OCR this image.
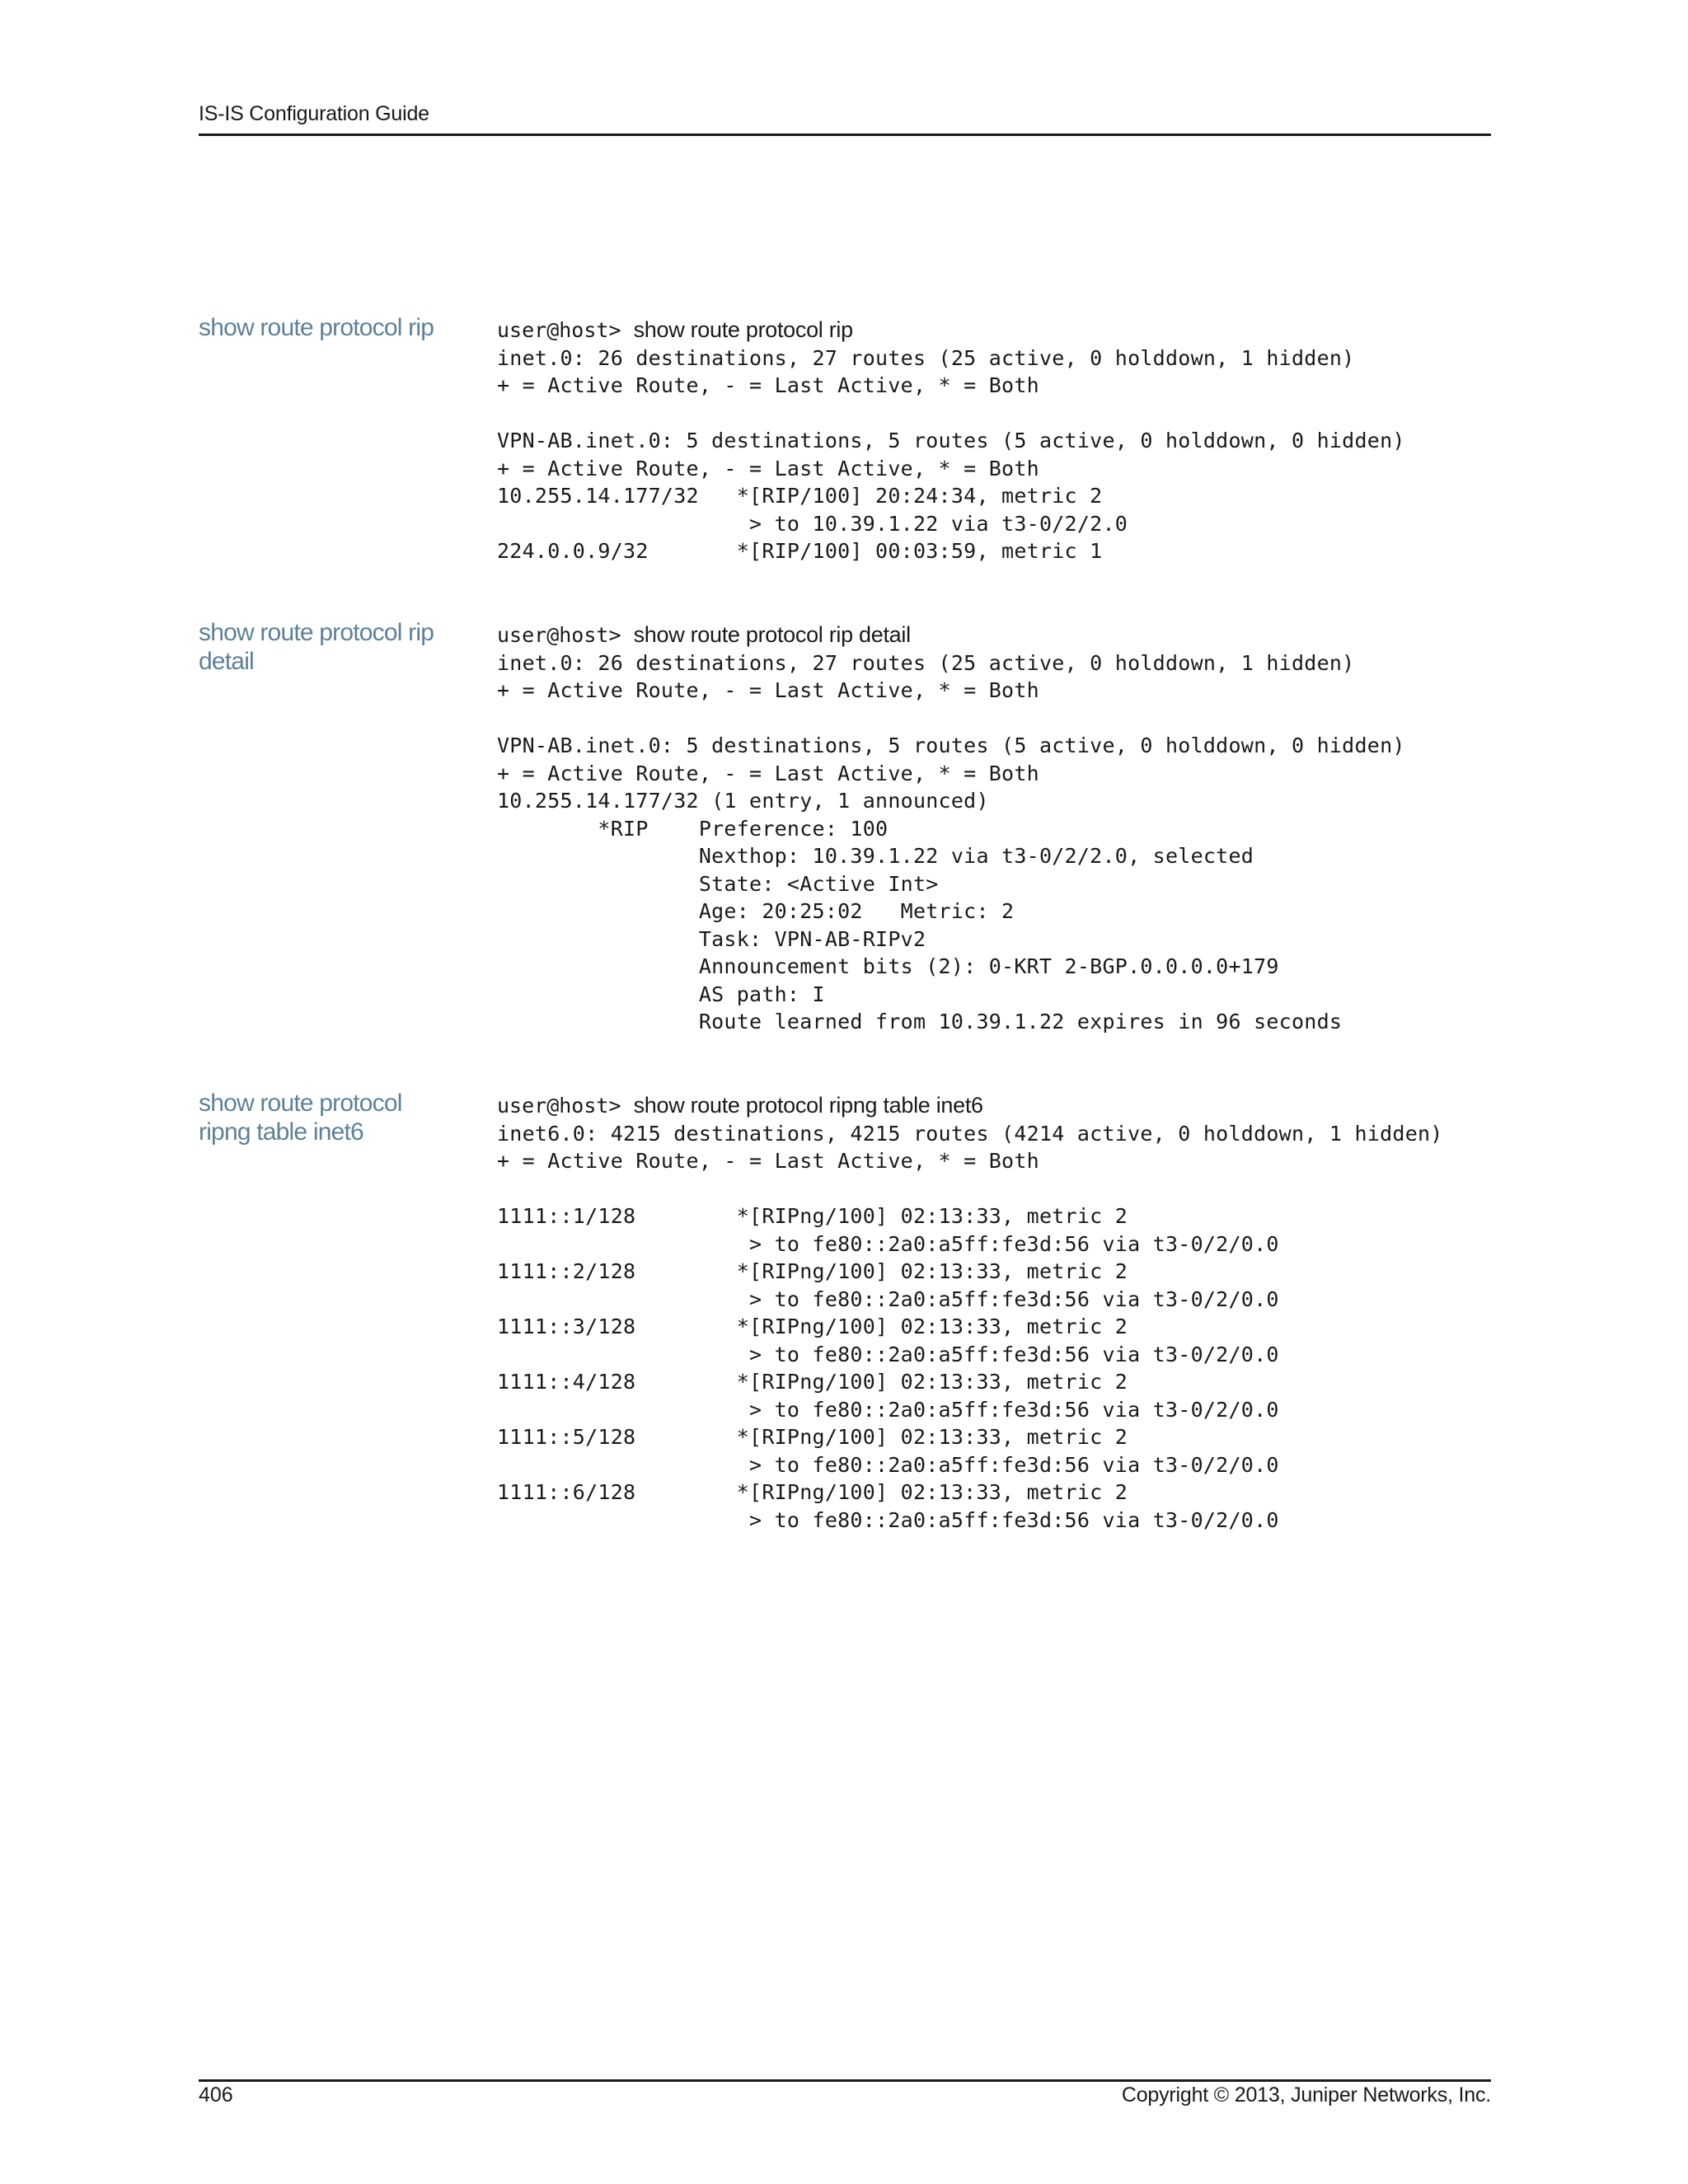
IS-IS Configuration Guide
show route protocol rip	user@host> show route protocol rip
inet.0: 26 destinations, 27 routes (25 active, 0 holddown, 1 hidden)
+ = Active Route, - = Last Active, * = Both

VPN-AB.inet.0: 5 destinations, 5 routes (5 active, 0 holddown, 0 hidden)
+ = Active Route, - = Last Active, * = Both
10.255.14.177/32   *[RIP/100] 20:24:34, metric 2
> to 10.39.1.22 via t3-0/2/2.0
224.0.0.9/32       *[RIP/100] 00:03:59, metric 1
show route protocol rip detail
user@host> show route protocol rip detail
inet.0: 26 destinations, 27 routes (25 active, 0 holddown, 1 hidden)
+ = Active Route, - = Last Active, * = Both

VPN-AB.inet.0: 5 destinations, 5 routes (5 active, 0 holddown, 0 hidden)
+ = Active Route, - = Last Active, * = Both
10.255.14.177/32 (1 entry, 1 announced)
*RIP    Preference: 100
Nexthop: 10.39.1.22 via t3-0/2/2.0, selected
State: <Active Int>
Age: 20:25:02   Metric: 2
Task: VPN-AB-RIPv2
Announcement bits (2): 0-KRT 2-BGP.0.0.0.0+179
AS path: I
Route learned from 10.39.1.22 expires in 96 seconds
show route protocol ripng table inet6
user@host> show route protocol ripng table inet6
inet6.0: 4215 destinations, 4215 routes (4214 active, 0 holddown, 1 hidden)
+ = Active Route, - = Last Active, * = Both

1111::1/128        *[RIPng/100] 02:13:33, metric 2
> to fe80::2a0:a5ff:fe3d:56 via t3-0/2/0.0
1111::2/128        *[RIPng/100] 02:13:33, metric 2
> to fe80::2a0:a5ff:fe3d:56 via t3-0/2/0.0
1111::3/128        *[RIPng/100] 02:13:33, metric 2
> to fe80::2a0:a5ff:fe3d:56 via t3-0/2/0.0
1111::4/128        *[RIPng/100] 02:13:33, metric 2
> to fe80::2a0:a5ff:fe3d:56 via t3-0/2/0.0
1111::5/128        *[RIPng/100] 02:13:33, metric 2
> to fe80::2a0:a5ff:fe3d:56 via t3-0/2/0.0
1111::6/128        *[RIPng/100] 02:13:33, metric 2
> to fe80::2a0:a5ff:fe3d:56 via t3-0/2/0.0
406	Copyright © 2013, Juniper Networks, Inc.
